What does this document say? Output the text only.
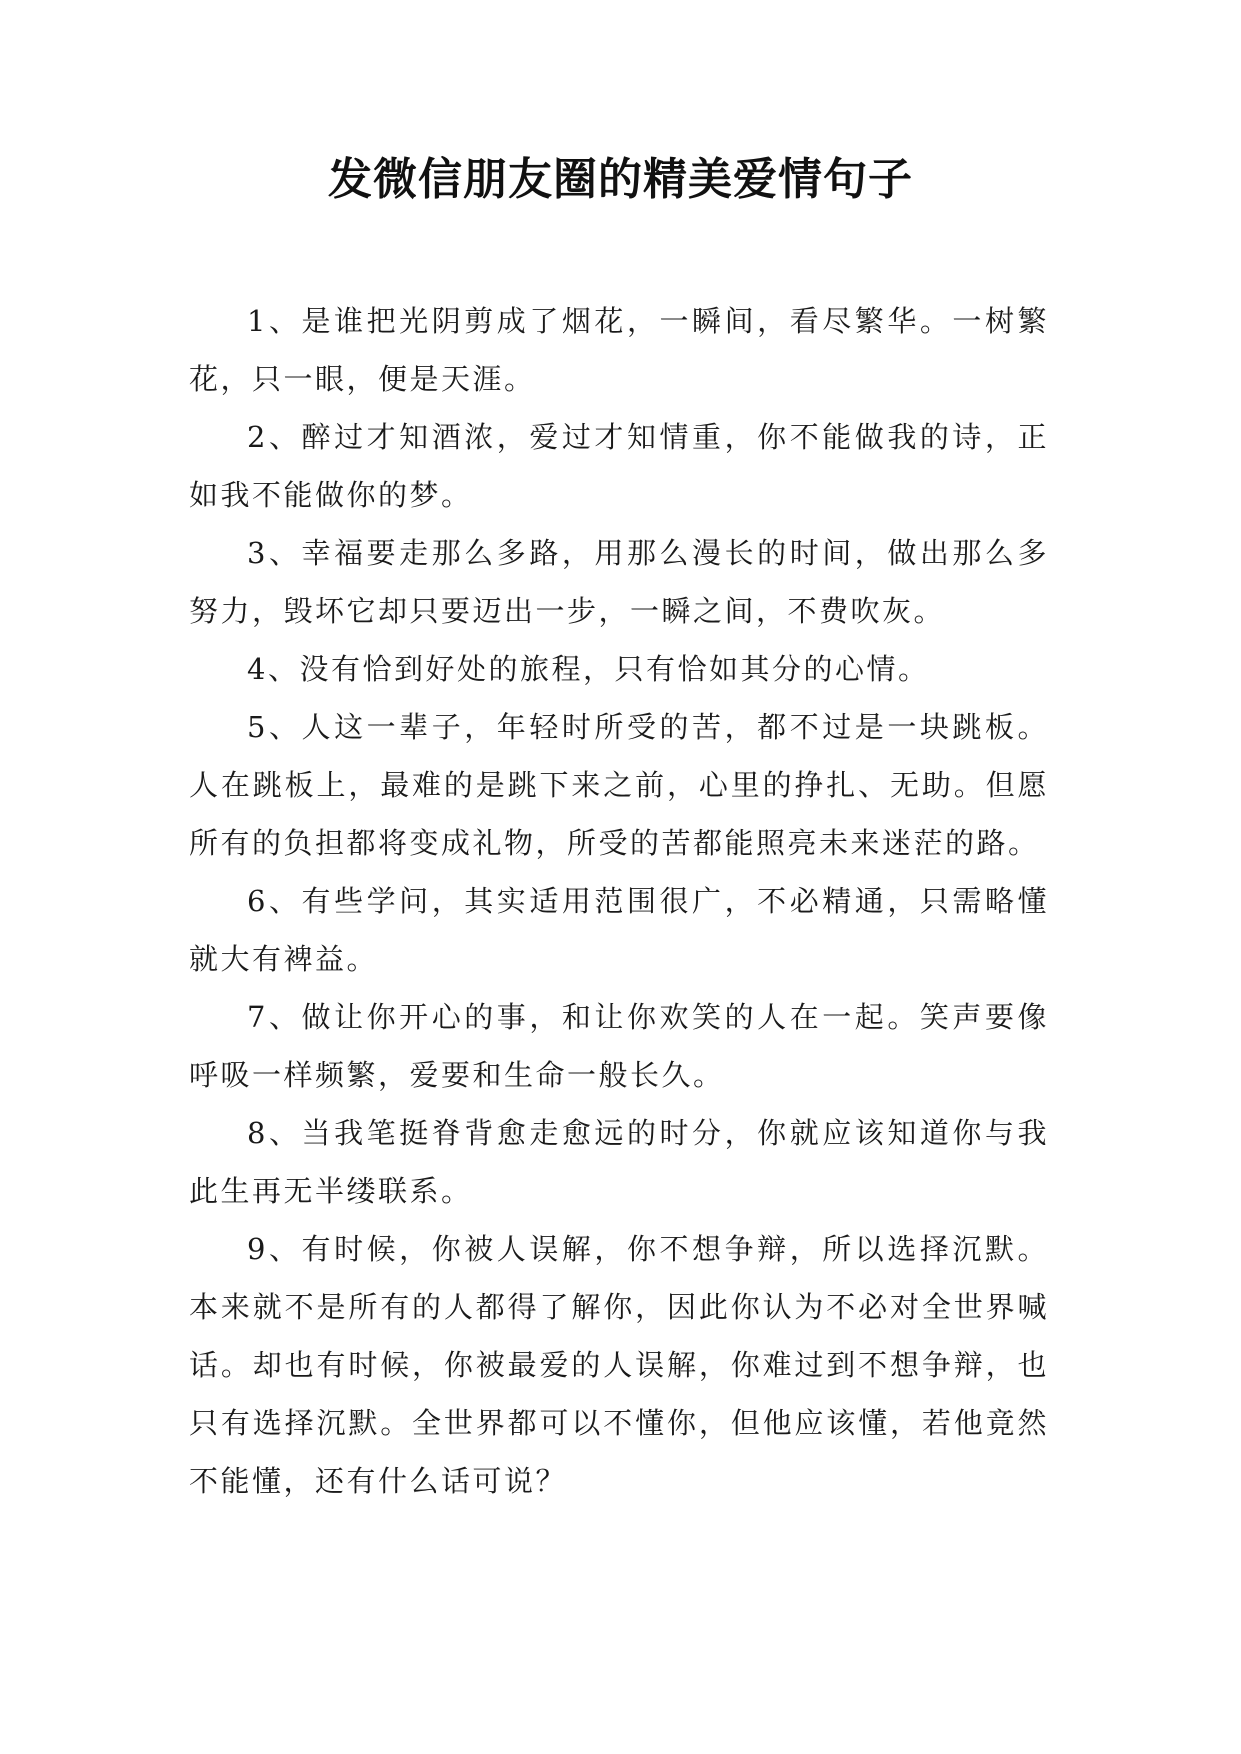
发微信朋友圈的精美爱情句子

1、是谁把光阴剪成了烟花，一瞬间，看尽繁华。一树繁花，只一眼，便是天涯。

2、醉过才知酒浓，爱过才知情重，你不能做我的诗，正如我不能做你的梦。

3、幸福要走那么多路，用那么漫长的时间，做出那么多努力，毁坏它却只要迈出一步，一瞬之间，不费吹灰。

4、没有恰到好处的旅程，只有恰如其分的心情。

5、人这一辈子，年轻时所受的苦，都不过是一块跳板。人在跳板上，最难的是跳下来之前，心里的挣扎、无助。但愿所有的负担都将变成礼物，所受的苦都能照亮未来迷茫的路。

6、有些学问，其实适用范围很广，不必精通，只需略懂就大有裨益。

7、做让你开心的事，和让你欢笑的人在一起。笑声要像呼吸一样频繁，爱要和生命一般长久。

8、当我笔挺脊背愈走愈远的时分，你就应该知道你与我此生再无半缕联系。

9、有时候，你被人误解，你不想争辩，所以选择沉默。本来就不是所有的人都得了解你，因此你认为不必对全世界喊话。却也有时候，你被最爱的人误解，你难过到不想争辩，也只有选择沉默。全世界都可以不懂你，但他应该懂，若他竟然不能懂，还有什么话可说？
